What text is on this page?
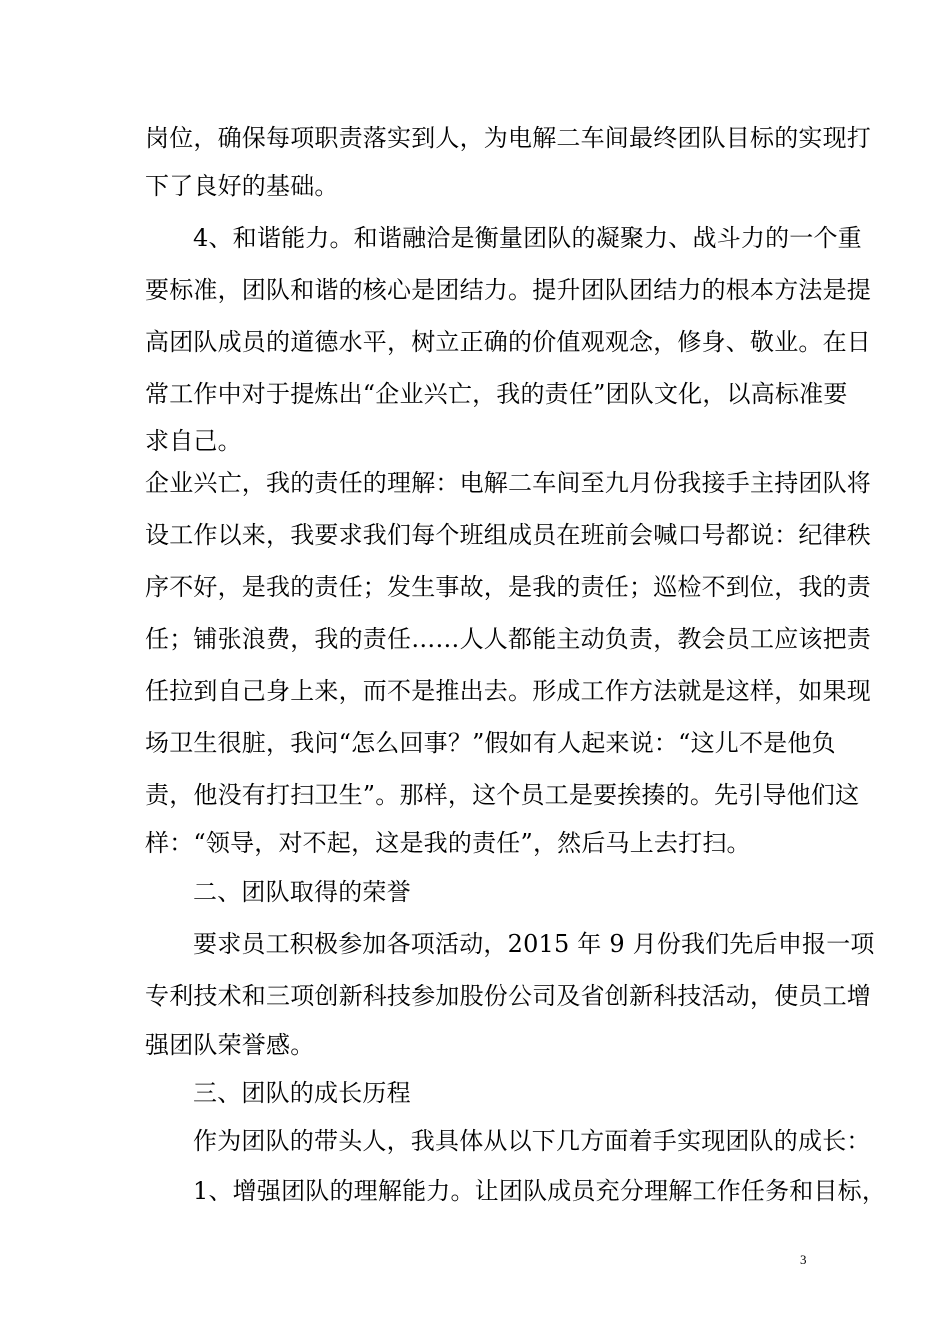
岗位，确保每项职责落实到人，为电解二车间最终团队目标的实现打
下了良好的基础。
4、和谐能力。和谐融洽是衡量团队的凝聚力、战斗力的一个重
要标准，团队和谐的核心是团结力。提升团队团结力的根本方法是提
高团队成员的道德水平，树立正确的价值观观念，修身、敬业。在日
常工作中对于提炼出“企业兴亡，我的责任”团队文化，以高标准要
求自己。
企业兴亡，我的责任的理解：电解二车间至九月份我接手主持团队将
设工作以来，我要求我们每个班组成员在班前会喊口号都说：纪律秩
序不好，是我的责任；发生事故，是我的责任；巡检不到位，我的责
任；铺张浪费，我的责任……人人都能主动负责，教会员工应该把责
任拉到自己身上来，而不是推出去。形成工作方法就是这样，如果现
场卫生很脏，我问“怎么回事？”假如有人起来说：“这儿不是他负
责，他没有打扫卫生”。那样，这个员工是要挨揍的。先引导他们这
样：“领导，对不起，这是我的责任”，然后马上去打扫。
二、团队取得的荣誉
要求员工积极参加各项活动，2015 年 9 月份我们先后申报一项
专利技术和三项创新科技参加股份公司及省创新科技活动，使员工增
强团队荣誉感。
三、团队的成长历程
作为团队的带头人，我具体从以下几方面着手实现团队的成长：
1、增强团队的理解能力。让团队成员充分理解工作任务和目标，
3
